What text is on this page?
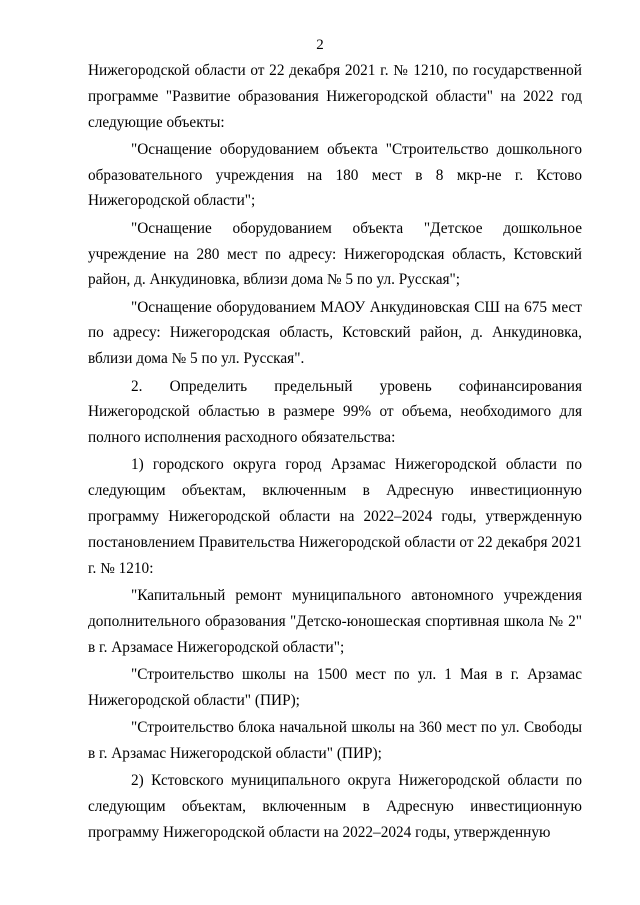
2

Нижегородской области от 22 декабря 2021 г. № 1210, по государственной программе "Развитие образования Нижегородской области" на 2022 год следующие объекты:

"Оснащение оборудованием объекта "Строительство дошкольного образовательного учреждения на 180 мест в 8 мкр-не г. Кстово Нижегородской области";

"Оснащение оборудованием объекта "Детское дошкольное учреждение на 280 мест по адресу: Нижегородская область, Кстовский район, д. Анкудиновка, вблизи дома № 5 по ул. Русская";

"Оснащение оборудованием МАОУ Анкудиновская СШ на 675 мест по адресу: Нижегородская область, Кстовский район, д. Анкудиновка, вблизи дома № 5 по ул. Русская".

2. Определить предельный уровень софинансирования Нижегородской областью в размере 99% от объема, необходимого для полного исполнения расходного обязательства:

1) городского округа город Арзамас Нижегородской области по следующим объектам, включенным в Адресную инвестиционную программу Нижегородской области на 2022–2024 годы, утвержденную постановлением Правительства Нижегородской области от 22 декабря 2021 г. № 1210:

"Капитальный ремонт муниципального автономного учреждения дополнительного образования "Детско-юношеская спортивная школа № 2" в г. Арзамасе Нижегородской области";

"Строительство школы на 1500 мест по ул. 1 Мая в г. Арзамас Нижегородской области" (ПИР);

"Строительство блока начальной школы на 360 мест по ул. Свободы в г. Арзамас Нижегородской области" (ПИР);

2) Кстовского муниципального округа Нижегородской области по следующим объектам, включенным в Адресную инвестиционную программу Нижегородской области на 2022–2024 годы, утвержденную
